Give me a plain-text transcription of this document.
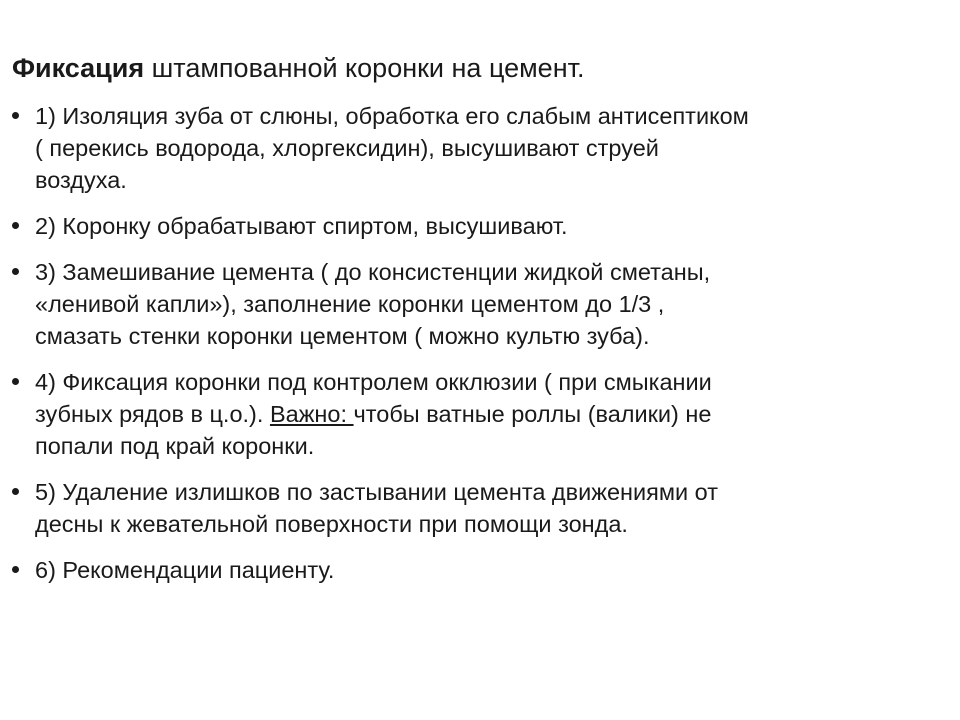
Фиксация штампованной коронки на цемент.
1) Изоляция зуба от слюны, обработка его слабым антисептиком
( перекись водорода, хлоргексидин), высушивают струей
воздуха.
2) Коронку обрабатывают спиртом, высушивают.
3) Замешивание цемента ( до консистенции жидкой сметаны,
«ленивой капли»), заполнение коронки цементом до 1/3 ,
смазать стенки коронки цементом ( можно культю зуба).
4) Фиксация коронки под контролем окклюзии ( при смыкании
зубных рядов в ц.о.). Важно: чтобы ватные роллы (валики) не
попали под край коронки.
5) Удаление излишков по застывании цемента движениями от
десны к жевательной поверхности при помощи зонда.
6) Рекомендации пациенту.
